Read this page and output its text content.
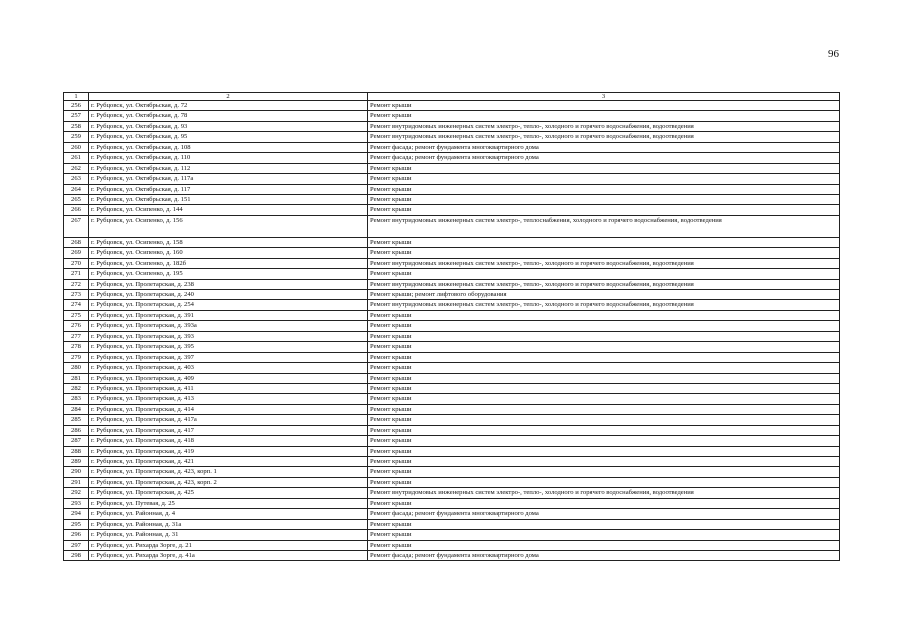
96
1	2	3
256	г. Рубцовск, ул. Октябрьская, д. 72	Ремонт крыши
257	г. Рубцовск, ул. Октябрьская, д. 78	Ремонт крыши
258	г. Рубцовск, ул. Октябрьская, д. 93	Ремонт внутридомовых инженерных систем электро-, тепло-, холодного и горячего водоснабжения, водоотведения
259	г. Рубцовск, ул. Октябрьская, д. 95	Ремонт внутридомовых инженерных систем электро-, тепло-, холодного и горячего водоснабжения, водоотведения
260	г. Рубцовск, ул. Октябрьская, д. 108	Ремонт фасада; ремонт фундамента многоквартирного дома
261	г. Рубцовск, ул. Октябрьская, д. 110	Ремонт фасада; ремонт фундамента многоквартирного дома
262	г. Рубцовск, ул. Октябрьская, д. 112	Ремонт крыши
263	г. Рубцовск, ул. Октябрьская, д. 117а	Ремонт крыши
264	г. Рубцовск, ул. Октябрьская, д. 117	Ремонт крыши
265	г. Рубцовск, ул. Октябрьская, д. 151	Ремонт крыши
266	г. Рубцовск, ул. Осипенко, д. 144	Ремонт крыши
267	г. Рубцовск, ул. Осипенко, д. 156	Ремонт внутридомовых инженерных систем электро-, теплоснабжения, холодного и горячего водоснабжения, водоотведения
268	г. Рубцовск, ул. Осипенко, д. 158	Ремонт крыши
269	г. Рубцовск, ул. Осипенко, д. 160	Ремонт крыши
270	г. Рубцовск, ул. Осипенко, д. 182б	Ремонт внутридомовых инженерных систем электро-, тепло-, холодного и горячего водоснабжения, водоотведения
271	г. Рубцовск, ул. Осипенко, д. 195	Ремонт крыши
272	г. Рубцовск, ул. Пролетарская, д. 238	Ремонт внутридомовых инженерных систем электро-, тепло-, холодного и горячего водоснабжения, водоотведения
273	г. Рубцовск, ул. Пролетарская, д. 240	Ремонт крыши; ремонт лифтового оборудования
274	г. Рубцовск, ул. Пролетарская, д. 254	Ремонт внутридомовых инженерных систем электро-, тепло-, холодного и горячего водоснабжения, водоотведения
275	г. Рубцовск, ул. Пролетарская, д. 391	Ремонт крыши
276	г. Рубцовск, ул. Пролетарская, д. 393а	Ремонт крыши
277	г. Рубцовск, ул. Пролетарская, д. 393	Ремонт крыши
278	г. Рубцовск, ул. Пролетарская, д. 395	Ремонт крыши
279	г. Рубцовск, ул. Пролетарская, д. 397	Ремонт крыши
280	г. Рубцовск, ул. Пролетарская, д. 403	Ремонт крыши
281	г. Рубцовск, ул. Пролетарская, д. 409	Ремонт крыши
282	г. Рубцовск, ул. Пролетарская, д. 411	Ремонт крыши
283	г. Рубцовск, ул. Пролетарская, д. 413	Ремонт крыши
284	г. Рубцовск, ул. Пролетарская, д. 414	Ремонт крыши
285	г. Рубцовск, ул. Пролетарская, д. 417а	Ремонт крыши
286	г. Рубцовск, ул. Пролетарская, д. 417	Ремонт крыши
287	г. Рубцовск, ул. Пролетарская, д. 418	Ремонт крыши
288	г. Рубцовск, ул. Пролетарская, д. 419	Ремонт крыши
289	г. Рубцовск, ул. Пролетарская, д. 421	Ремонт крыши
290	г. Рубцовск, ул. Пролетарская, д. 423, корп. 1	Ремонт крыши
291	г. Рубцовск, ул. Пролетарская, д. 423, корп. 2	Ремонт крыши
292	г. Рубцовск, ул. Пролетарская, д. 425	Ремонт внутридомовых инженерных систем электро-, тепло-, холодного и горячего водоснабжения, водоотведения
293	г. Рубцовск, ул. Путевая, д. 25	Ремонт крыши
294	г. Рубцовск, ул. Районная, д. 4	Ремонт фасада; ремонт фундамента многоквартирного дома
295	г. Рубцовск, ул. Районная, д. 31а	Ремонт крыши
296	г. Рубцовск, ул. Районная, д. 31	Ремонт крыши
297	г. Рубцовск, ул. Рихарда Зорге, д. 21	Ремонт крыши
298	г. Рубцовск, ул. Рихарда Зорге, д. 41а	Ремонт фасада; ремонт фундамента многоквартирного дома
